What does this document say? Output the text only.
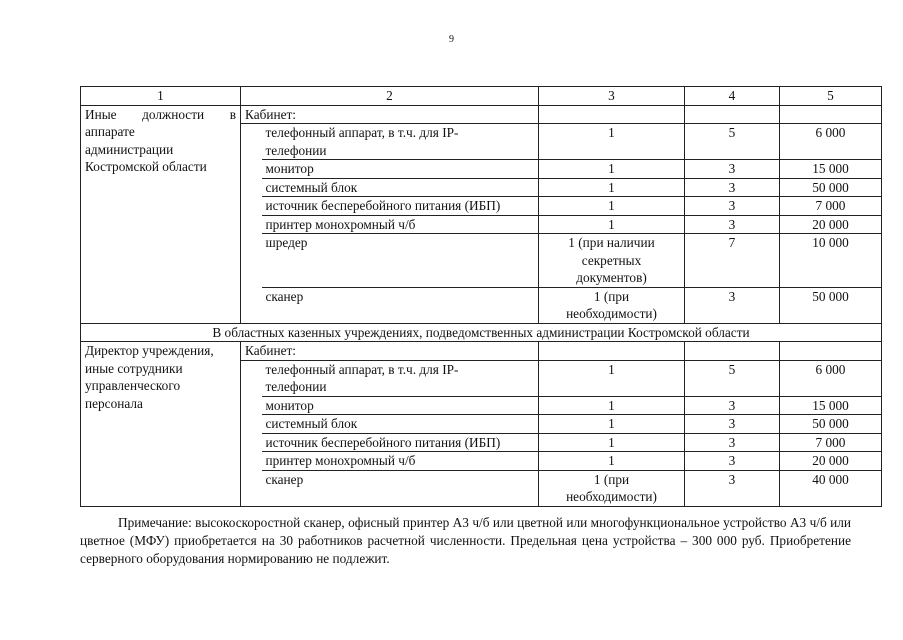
9
1	2		3	4	5

Иные должности в
аппарате
администрации
Костромской области	Кабинет:				

		телефонный аппарат, в т.ч. для IP-
телефонии	1	5	6 000

		монитор	1	3	15 000

		системный блок	1	3	50 000

		источник бесперебойного питания (ИБП)	1	3	7 000

		принтер монохромный ч/б	1	3	20 000

		шредер	1 (при наличии
секретных
документов)	7	10 000

		сканер	1 (при
необходимости)	3	50 000
В областных казенных учреждениях, подведомственных администрации Костромской области					

Директор учреждения,
иные сотрудники
управленческого
персонала	Кабинет:				

		телефонный аппарат, в т.ч. для IP-
телефонии	1	5	6 000

		монитор	1	3	15 000

		системный блок	1	3	50 000

		источник бесперебойного питания (ИБП)	1	3	7 000

		принтер монохромный ч/б	1	3	20 000

		сканер	1 (при
необходимости)	3	40 000
Примечание: высокоскоростной сканер, офисный принтер А3 ч/б или цветной или многофункциональное устройство А3 ч/б или цветное (МФУ) приобретается на 30 работников расчетной численности. Предельная цена устройства – 300 000 руб. Приобретение серверного оборудования нормированию не подлежит.
